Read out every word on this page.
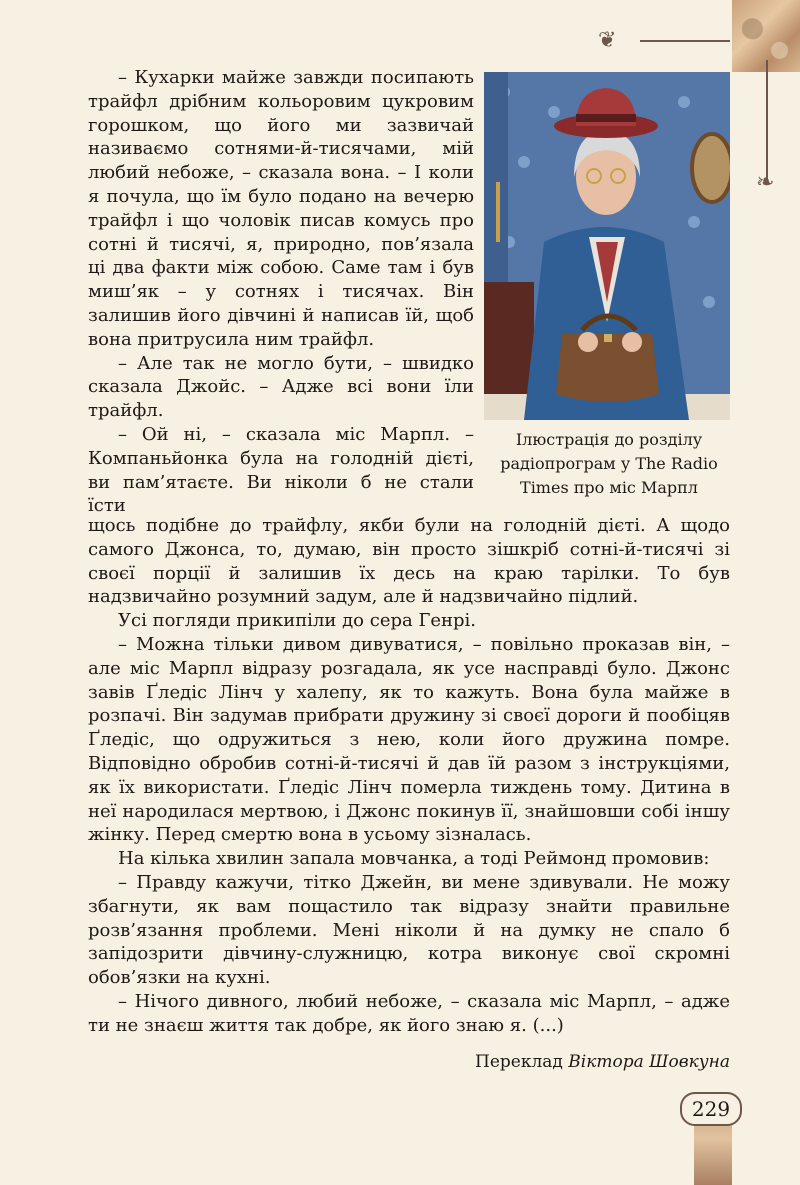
❦
❧
Ілюстрація до розділу радіопрограм у The Radio Times про міс Марпл

– Кухарки майже завжди посипають трайфл дрібним кольоровим цукровим горошком, що його ми зазвичай називаємо сотнями-й-тисячами, мій любий небоже, – сказала вона. – І коли я почула, що їм було подано на вечерю трайфл і що чоловік писав комусь про сотні й тисячі, я, природно, пов’язала ці два факти між собою. Саме там і був миш’як – у сотнях і тисячах. Він залишив його дівчині й написав їй, щоб вона притрусила ним трайфл.

– Але так не могло бути, – швидко сказала Джойс. – Адже всі вони їли трайфл.

– Ой ні, – сказала міс Марпл. – Компаньйонка була на голодній дієті, ви пам’ятаєте. Ви ніколи б не стали їсти

щось подібне до трайфлу, якби були на голодній дієті. А щодо самого Джонса, то, думаю, він просто зішкріб сотні-й-тисячі зі своєї порції й залишив їх десь на краю тарілки. То був надзвичайно розумний задум, але й надзвичайно підлий.

Усі погляди прикипіли до сера Генрі.

– Можна тільки дивом дивуватися, – повільно проказав він, – але міс Марпл відразу розгадала, як усе насправді було. Джонс завів Ґледіс Лінч у халепу, як то кажуть. Вона була майже в розпачі. Він задумав прибрати дружину зі своєї дороги й пообіцяв Ґледіс, що одружиться з нею, коли його дружина помре. Відповідно обробив сотні-й-тисячі й дав їй разом з інструкціями, як їх використати. Ґледіс Лінч померла тиждень тому. Дитина в неї народилася мертвою, і Джонс покинув її, знайшовши собі іншу жінку. Перед смертю вона в усьому зізналась.

На кілька хвилин запала мовчанка, а тоді Реймонд промовив:

– Правду кажучи, тітко Джейн, ви мене здивували. Не можу збагнути, як вам пощастило так відразу знайти правильне розв’язання проблеми. Мені ніколи й на думку не спало б запідозрити дівчину-служницю, котра виконує свої скромні обов’язки на кухні.

– Нічого дивного, любий небоже, – сказала міс Марпл, – адже ти не знаєш життя так добре, як його знаю я. (...)

Переклад Віктора Шовкуна
229
